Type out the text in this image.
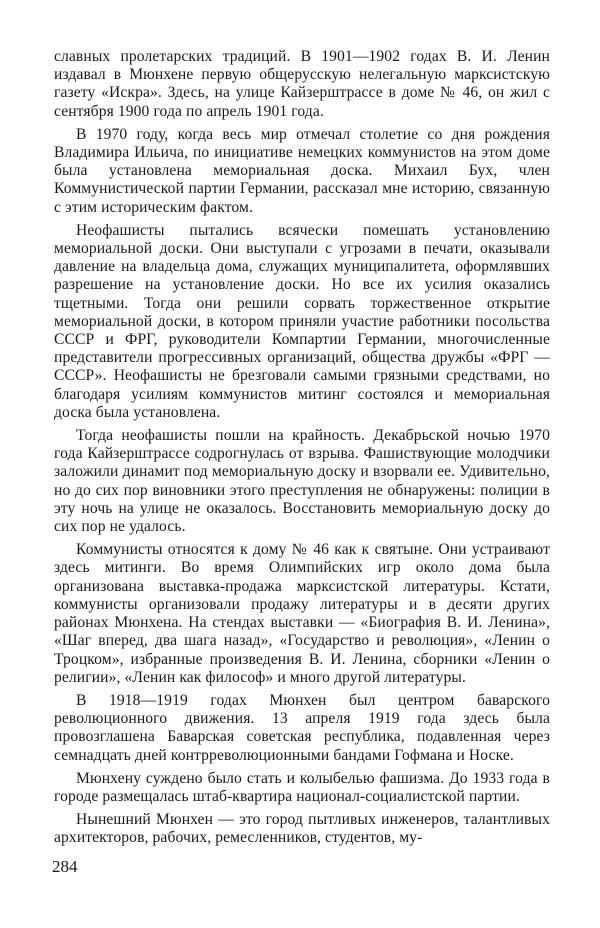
славных пролетарских традиций. В 1901—1902 годах В. И. Ленин издавал в Мюнхене первую общерусскую нелегальную марксистскую газету «Искра». Здесь, на улице Кайзерштрассе в доме № 46, он жил с сентября 1900 года по апрель 1901 года.

В 1970 году, когда весь мир отмечал столетие со дня рождения Владимира Ильича, по инициативе немецких коммунистов на этом доме была установлена мемориальная доска. Михаил Бух, член Коммунистической партии Германии, рассказал мне историю, связанную с этим историческим фактом.

Неофашисты пытались всячески помешать установлению мемориальной доски. Они выступали с угрозами в печати, оказывали давление на владельца дома, служащих муниципалитета, оформлявших разрешение на установление доски. Но все их усилия оказались тщетными. Тогда они решили сорвать торжественное открытие мемориальной доски, в котором приняли участие работники посольства СССР и ФРГ, руководители Компартии Германии, многочисленные представители прогрессивных организаций, общества дружбы «ФРГ — СССР». Неофашисты не брезговали самыми грязными средствами, но благодаря усилиям коммунистов митинг состоялся и мемориальная доска была установлена.

Тогда неофашисты пошли на крайность. Декабрьской ночью 1970 года Кайзерштрассе содрогнулась от взрыва. Фашиствующие молодчики заложили динамит под мемориальную доску и взорвали ее. Удивительно, но до сих пор виновники этого преступления не обнаружены: полиции в эту ночь на улице не оказалось. Восстановить мемориальную доску до сих пор не удалось.

Коммунисты относятся к дому № 46 как к святыне. Они устраивают здесь митинги. Во время Олимпийских игр около дома была организована выставка-продажа марксистской литературы. Кстати, коммунисты организовали продажу литературы и в десяти других районах Мюнхена. На стендах выставки — «Биография В. И. Ленина», «Шаг вперед, два шага назад», «Государство и революция», «Ленин о Троцком», избранные произведения В. И. Ленина, сборники «Ленин о религии», «Ленин как философ» и много другой литературы.

В 1918—1919 годах Мюнхен был центром баварского революционного движения. 13 апреля 1919 года здесь была провозглашена Баварская советская республика, подавленная через семнадцать дней контрреволюционными бандами Гофмана и Носке.

Мюнхену суждено было стать и колыбелью фашизма. До 1933 года в городе размещалась штаб-квартира национал-социалистской партии.

Нынешний Мюнхен — это город пытливых инженеров, талантливых архитекторов, рабочих, ремесленников, студентов, му-

284
